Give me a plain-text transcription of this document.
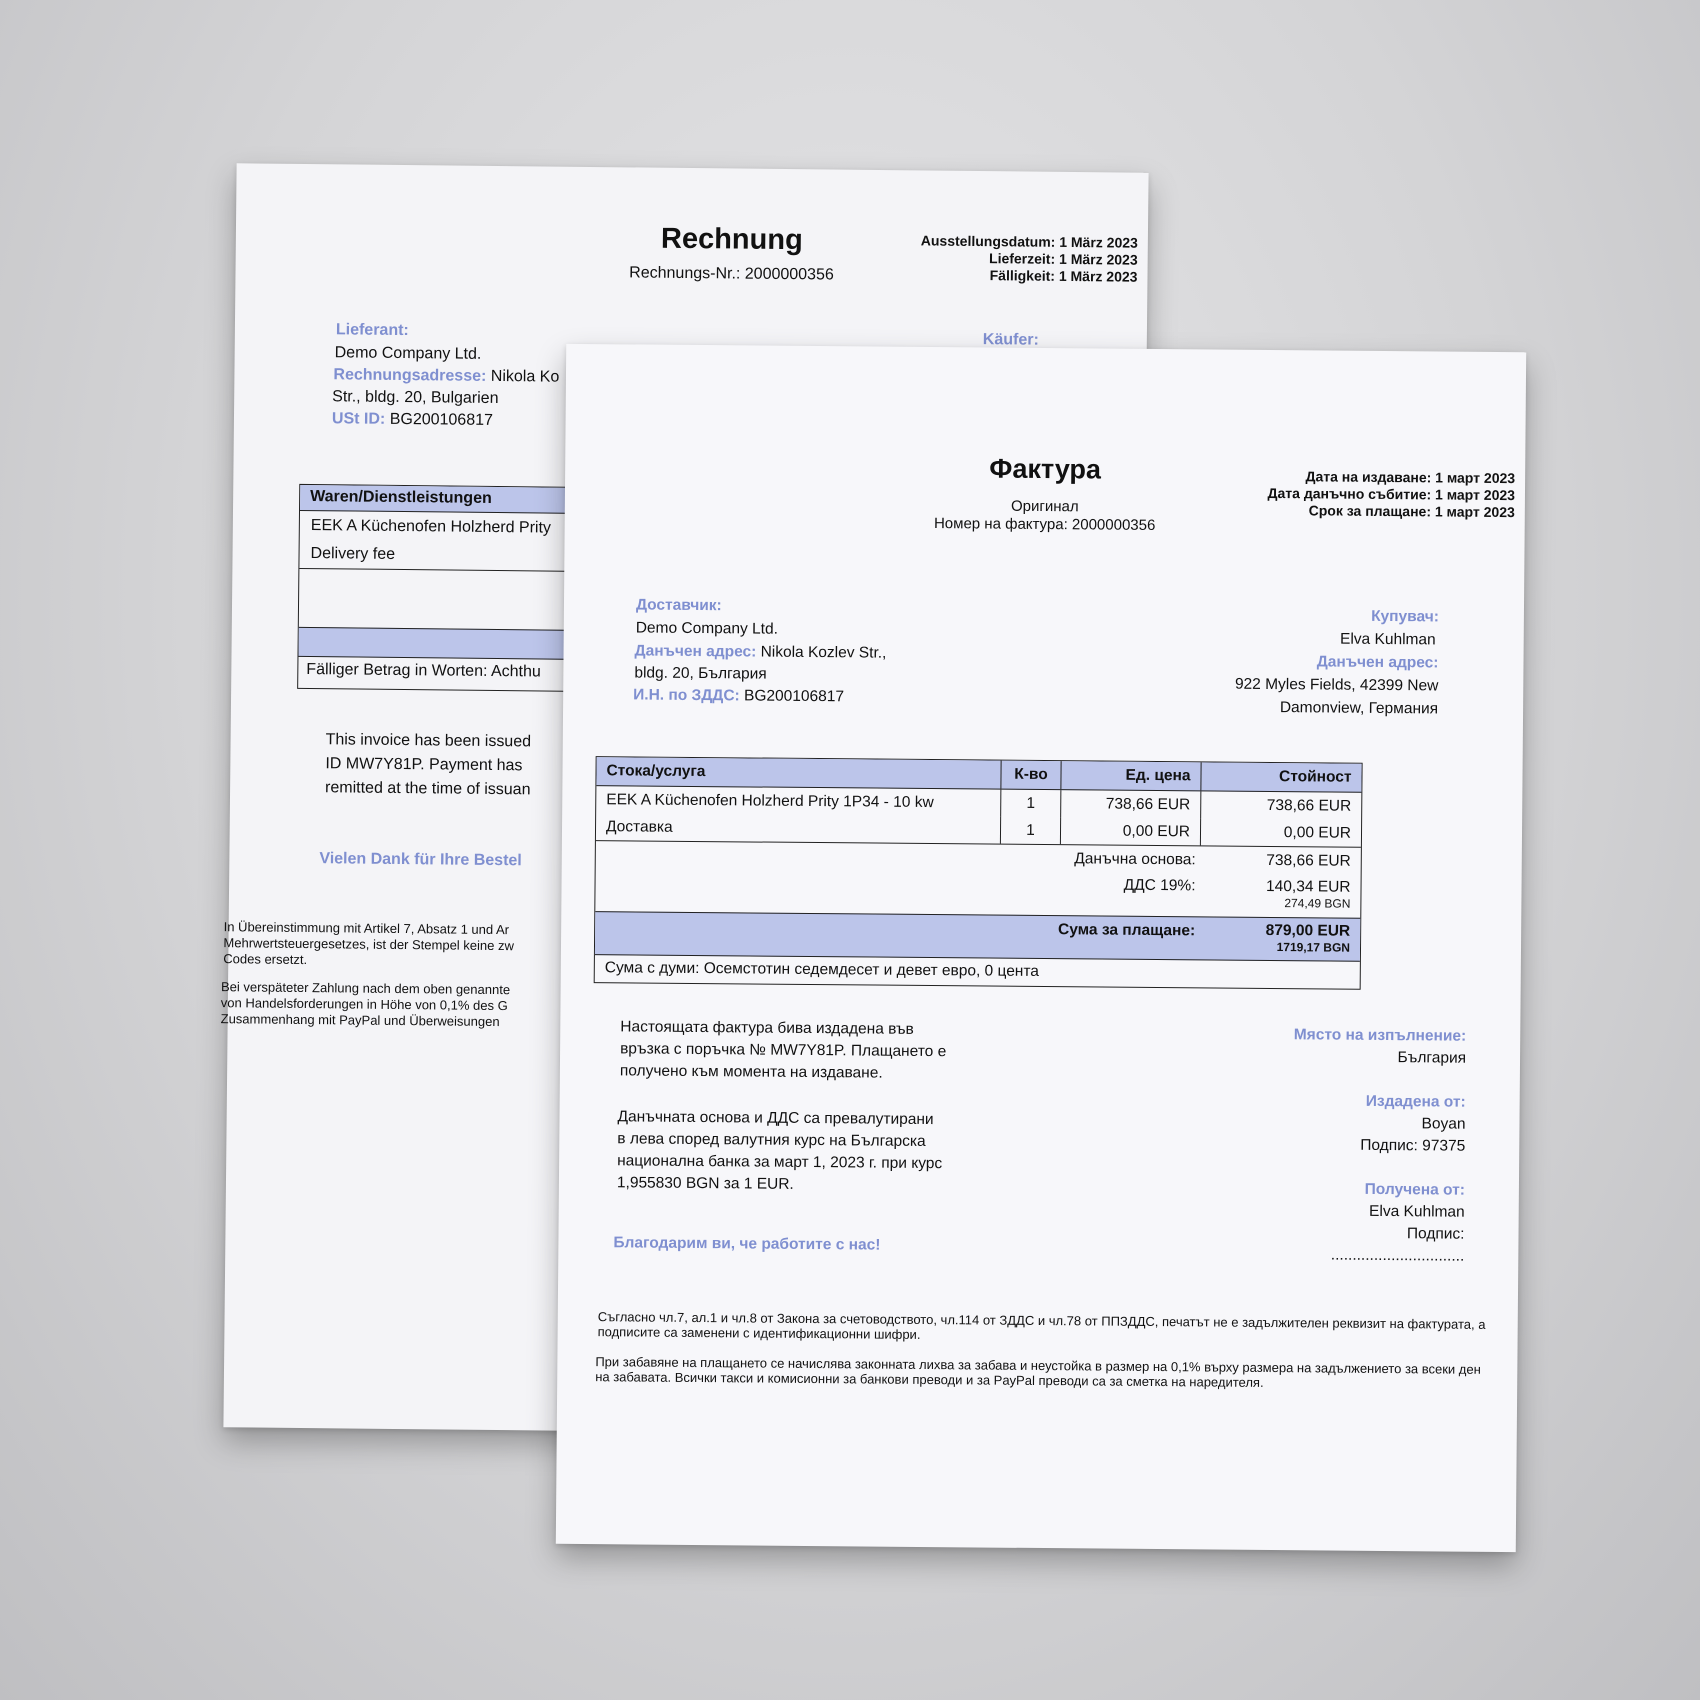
Rechnung
Rechnungs-Nr.: 2000000356
Ausstellungsdatum: 1 März 2023
Lieferzeit: 1 März 2023
Fälligkeit: 1 März 2023
Lieferant:
Käufer:
Demo Company Ltd.
Rechnungsadresse: Nikola Ko
Str., bldg. 20, Bulgarien
USt ID: BG200106817
Waren/Dienstleistungen
EEK A Küchenofen Holzherd Prity
Delivery fee
Fälliger Betrag in Worten: Achthu
This invoice has been issued
ID MW7Y81P. Payment has
remitted at the time of issuan
Vielen Dank für Ihre Bestel
In Übereinstimmung mit Artikel 7, Absatz 1 und Ar
Mehrwertsteuergesetzes, ist der Stempel keine zw
Codes ersetzt.
Bei verspäteter Zahlung nach dem oben genannte
von Handelsforderungen in Höhe von 0,1% des G
Zusammenhang mit PayPal und Überweisungen
Фактура
Оригинал
Номер на фактура: 2000000356
Дата на издаване: 1 март 2023
Дата данъчно събитие: 1 март 2023
Срок за плащане: 1 март 2023
Доставчик:
Demo Company Ltd.
Данъчен адрес: Nikola Kozlev Str.,
bldg. 20, България
И.Н. по ЗДДС: BG200106817
Купувач:
Elva Kuhlman
Данъчен адрес:
922 Myles Fields, 42399 New
Damonview, Германия
Стока/услуга	К-во	Ед. цена	Стойност
EEK A Küchenofen Holzherd Prity 1P34 - 10 kw	1	738,66 EUR	738,66 EUR
Доставка	1	0,00 EUR	0,00 EUR
Данъчна основа:	738,66 EUR
ДДС 19%:	140,34 EUR
274,49 BGN
Сума за плащане:	879,00 EUR
1719,17 BGN
Сума с думи: Осемстотин седемдесет и девет евро, 0 цента
Настоящата фактура бива издадена във
връзка с поръчка № MW7Y81P. Плащането е
получено към момента на издаване.
Данъчната основа и ДДС са превалутирани
в лева според валутния курс на Българска
национална банка за март 1, 2023 г. при курс
1,955830 BGN за 1 EUR.
Благодарим ви, че работите с нас!
Място на изпълнение:
България
Издадена от:
Boyan
Подпис: 97375
Получена от:
Elva Kuhlman
Подпис:
...............................
Съгласно чл.7, ал.1 и чл.8 от Закона за счетоводството, чл.114 от ЗДДС и чл.78 от ППЗДДС, печатът не е задължителен реквизит на фактурата, а подписите са заменени с идентификационни шифри.
При забавяне на плащането се начислява законната лихва за забава и неустойка в размер на 0,1% върху размера на задължението за всеки ден на забавата. Всички такси и комисионни за банкови преводи и за PayPal преводи са за сметка на наредителя.
